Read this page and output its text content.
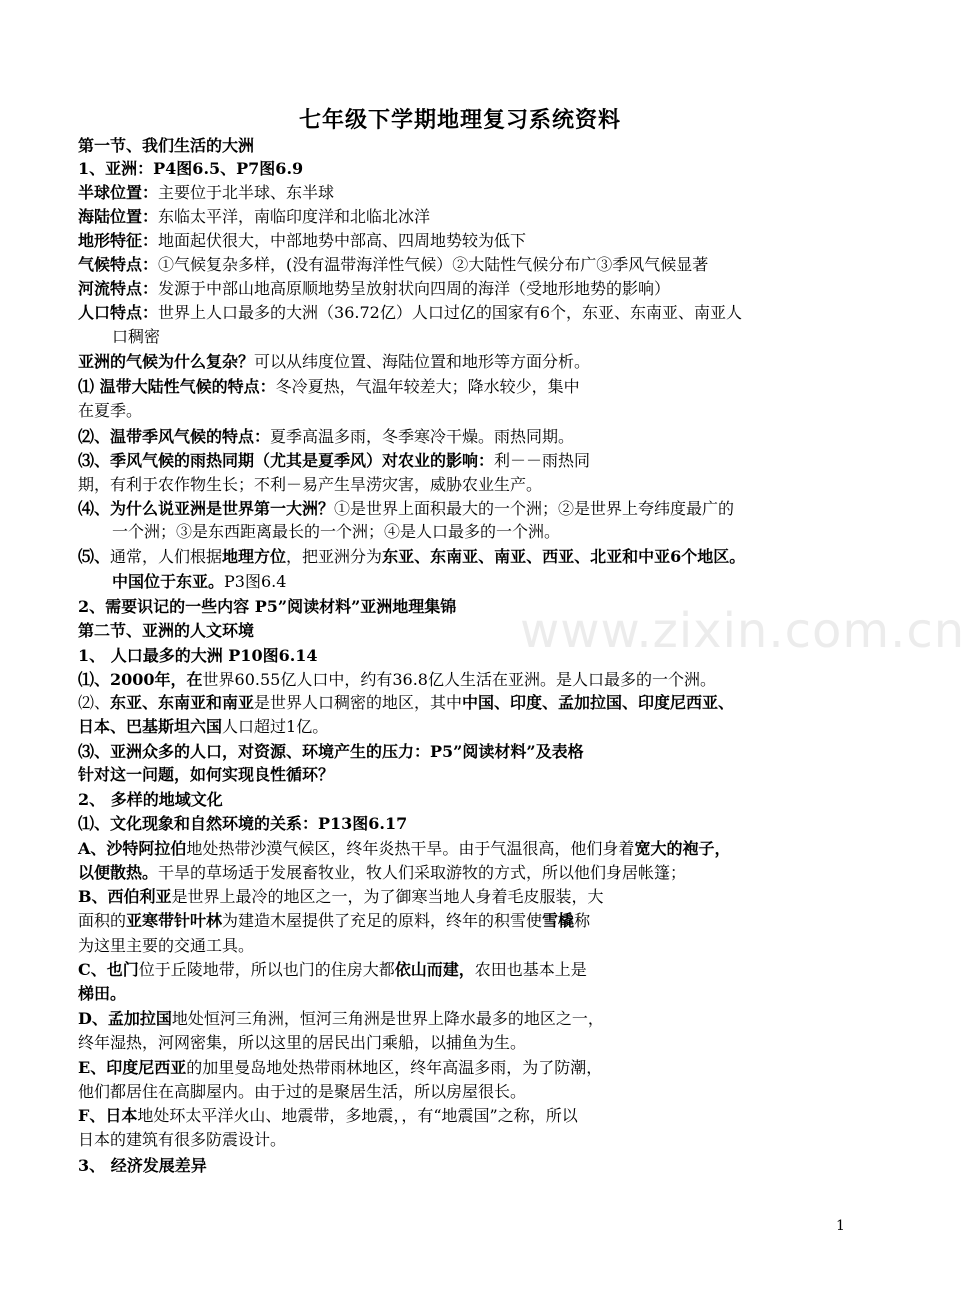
www.zixin.com.cn
七年级下学期地理复习系统资料
第一节、我们生活的大洲
1、亚洲：P4图6.5、P7图6.9
半球位置：主要位于北半球、东半球
海陆位置：东临太平洋，南临印度洋和北临北冰洋
地形特征：地面起伏很大，中部地势中部高、四周地势较为低下
气候特点：①气候复杂多样，(没有温带海洋性气候）②大陆性气候分布广③季风气候显著
河流特点：发源于中部山地高原顺地势呈放射状向四周的海洋（受地形地势的影响）
人口特点：世界上人口最多的大洲（36.72亿）人口过亿的国家有6个，东亚、东南亚、南亚人
口稠密
亚洲的气候为什么复杂？可以从纬度位置、海陆位置和地形等方面分析。
⑴ 温带大陆性气候的特点：冬冷夏热，气温年较差大；降水较少，集中
在夏季。
⑵、温带季风气候的特点：夏季高温多雨，冬季寒冷干燥。雨热同期。
⑶、季风气候的雨热同期（尤其是夏季风）对农业的影响：利－－雨热同
期，有利于农作物生长；不利－易产生旱涝灾害，威胁农业生产。
⑷、为什么说亚洲是世界第一大洲？①是世界上面积最大的一个洲；②是世界上夸纬度最广的
一个洲；③是东西距离最长的一个洲；④是人口最多的一个洲。
⑸、通常，人们根据地理方位，把亚洲分为东亚、东南亚、南亚、西亚、北亚和中亚6个地区。
中国位于东亚。P3图6.4
2、需要识记的一些内容 P5”阅读材料”亚洲地理集锦
第二节、亚洲的人文环境
1、 人口最多的大洲 P10图6.14
⑴、2000年，在世界60.55亿人口中，约有36.8亿人生活在亚洲。是人口最多的一个洲。
⑵、东亚、东南亚和南亚是世界人口稠密的地区，其中中国、印度、孟加拉国、印度尼西亚、
日本、巴基斯坦六国人口超过1亿。
⑶、亚洲众多的人口，对资源、环境产生的压力：P5”阅读材料”及表格
针对这一问题，如何实现良性循环？
2、 多样的地域文化
⑴、文化现象和自然环境的关系：P13图6.17
A、沙特阿拉伯地处热带沙漠气候区，终年炎热干旱。由于气温很高，他们身着宽大的袍子，
以便散热。干旱的草场适于发展畜牧业，牧人们采取游牧的方式，所以他们身居帐篷；
B、西伯利亚是世界上最冷的地区之一，为了御寒当地人身着毛皮服装，大
面积的亚寒带针叶林为建造木屋提供了充足的原料，终年的积雪使雪橇称
为这里主要的交通工具。
C、也门位于丘陵地带，所以也门的住房大都依山而建，农田也基本上是
梯田。
D、孟加拉国地处恒河三角洲，恒河三角洲是世界上降水最多的地区之一，
终年湿热，河网密集，所以这里的居民出门乘船，以捕鱼为生。
E、印度尼西亚的加里曼岛地处热带雨林地区，终年高温多雨，为了防潮，
他们都居住在高脚屋内。由于过的是聚居生活，所以房屋很长。
F、日本地处环太平洋火山、地震带，多地震，，有“地震国”之称，所以
日本的建筑有很多防震设计。
3、 经济发展差异
1
